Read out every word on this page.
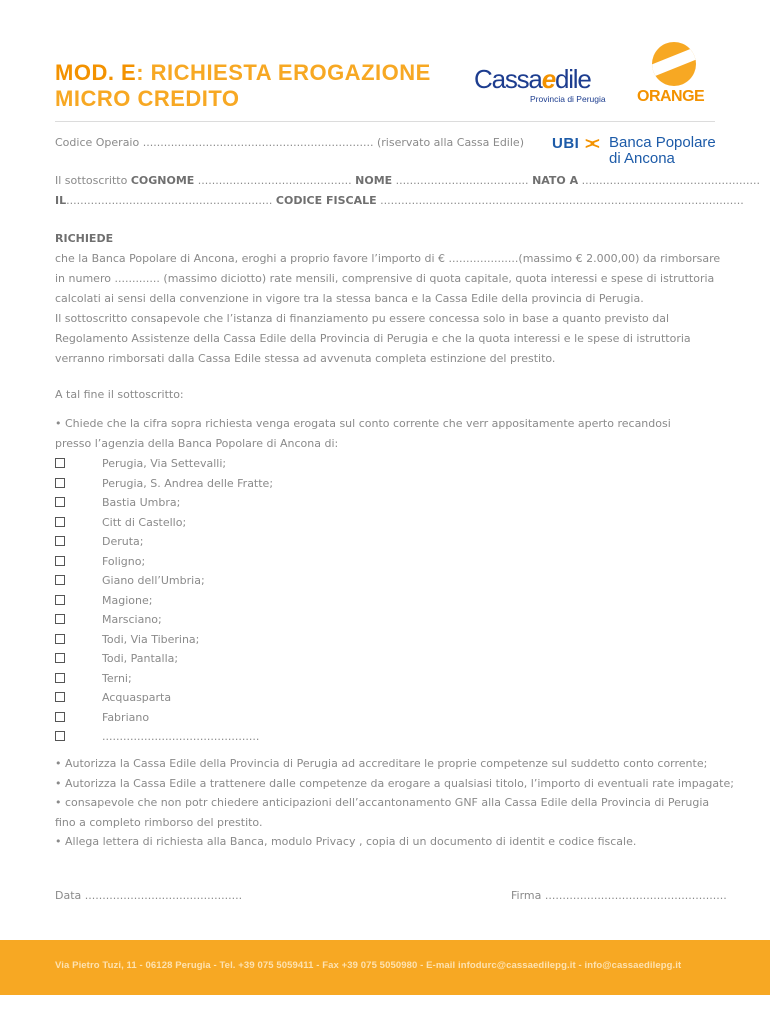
MOD. E: RICHIESTA EROGAZIONE
MICRO CREDITO
Cassaedile
Provincia di Perugia ORANGE
Codice Operaio .................................................................. (riservato alla Cassa Edile) UBI >< Banca Popolare
di Ancona
Il sottoscritto COGNOME ............................................ NOME ...................................... NATO A ...................................................
IL........................................................... CODICE FISCALE ........................................................................................................
RICHIEDE
che la Banca Popolare di Ancona, eroghi a proprio favore l’importo di € ....................(massimo € 2.000,00) da rimborsare
in numero ............. (massimo diciotto) rate mensili, comprensive di quota capitale, quota interessi e spese di istruttoria
calcolati ai sensi della convenzione in vigore tra la stessa banca e la Cassa Edile della provincia di Perugia.
Il sottoscritto consapevole che l’istanza di finanziamento pu essere concessa solo in base a quanto previsto dal
Regolamento Assistenze della Cassa Edile della Provincia di Perugia e che la quota interessi e le spese di istruttoria
verranno rimborsati dalla Cassa Edile stessa ad avvenuta completa estinzione del prestito.
A tal fine il sottoscritto:
• Chiede che la cifra sopra richiesta venga erogata sul conto corrente che verr appositamente aperto recandosi
presso l’agenzia della Banca Popolare di Ancona di:
Perugia, Via Settevalli;
Perugia, S. Andrea delle Fratte;
Bastia Umbra;
Citt di Castello;
Deruta;
Foligno;
Giano dell’Umbria;
Magione;
Marsciano;
Todi, Via Tiberina;
Todi, Pantalla;
Terni;
Acquasparta
Fabriano
.............................................
• Autorizza la Cassa Edile della Provincia di Perugia ad accreditare le proprie competenze sul suddetto conto corrente;
• Autorizza la Cassa Edile a trattenere dalle competenze da erogare a qualsiasi titolo, l’importo di eventuali rate impagate;
• consapevole che non potr chiedere anticipazioni dell’accantonamento GNF alla Cassa Edile della Provincia di Perugia
fino a completo rimborso del prestito.
• Allega lettera di richiesta alla Banca, modulo Privacy , copia di un documento di identit e codice fiscale.
Data .............................................	Firma ....................................................
Via Pietro Tuzi, 11 - 06128 Perugia - Tel. +39 075 5059411 - Fax +39 075 5050980 - E-mail infodurc@cassaedilepg.it - info@cassaedilepg.it
